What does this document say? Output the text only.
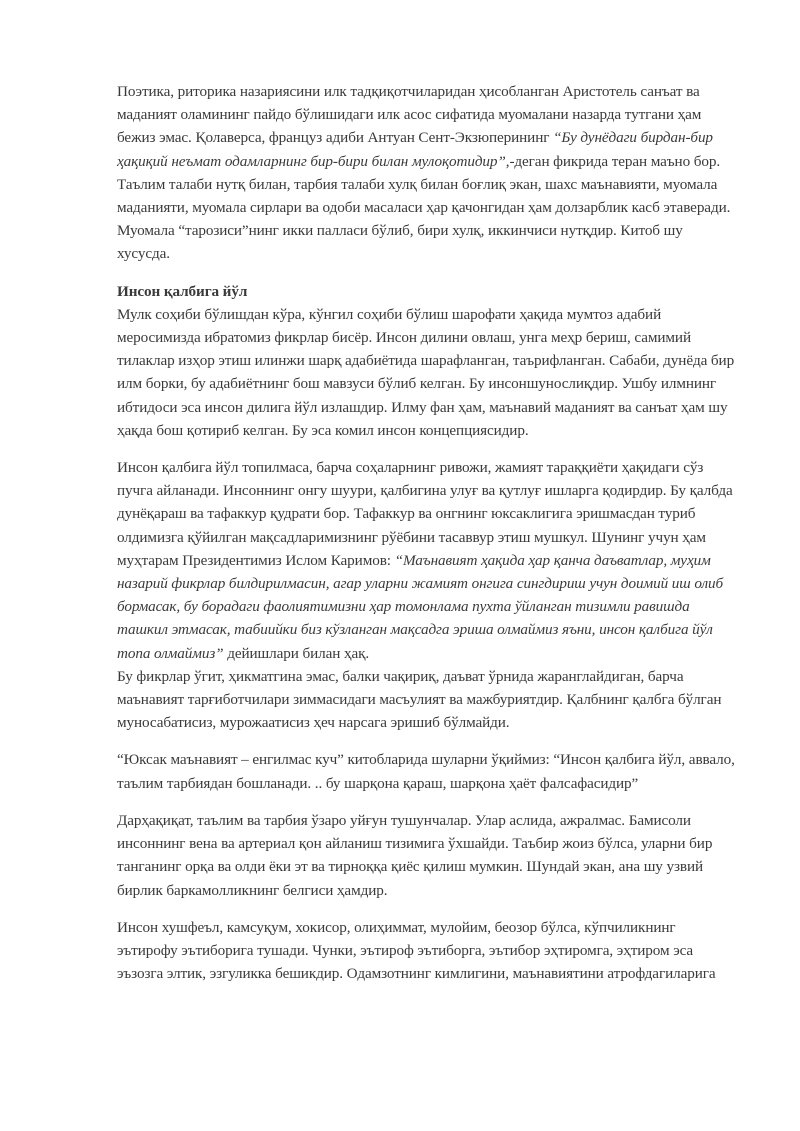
Поэтика, риторика назариясини илк тадқиқотчиларидан ҳисобланган Аристотель санъат ва маданият оламининг пайдо бўлишидаги илк асос сифатида муомалани назарда тутгани ҳам бежиз эмас. Қолаверса, француз адиби Антуан Сент-Экзюперининг “Бу дунёдаги бирдан-бир ҳақиқий неъмат одамларнинг бир-бири билан мулоқотидир”,-деган фикрида теран маъно бор. Таълим талаби нутқ билан, тарбия талаби хулқ билан боғлиқ экан, шахс маънавияти, муомала маданияти, муомала сирлари ва одоби масаласи ҳар қачонгидан ҳам долзарблик касб этаверади. Муомала “тарозиси”нинг икки палласи бўлиб, бири хулқ, иккинчиси нутқдир. Китоб шу хусусда.

Инсон қалбига йўл

Мулк соҳиби бўлишдан кўра, кўнгил соҳиби бўлиш шарофати ҳақида мумтоз адабий меросимизда ибратомиз фикрлар бисёр. Инсон дилини овлаш, унга меҳр бериш, самимий тилаклар изҳор этиш илинжи шарқ адабиётида шарафланган, таърифланган. Сабаби, дунёда бир илм борки, бу адабиётнинг бош мавзуси бўлиб келган. Бу инсоншунослиқдир. Ушбу илмнинг ибтидоси эса инсон дилига йўл излашдир. Илму фан ҳам, маънавий маданият ва санъат ҳам шу ҳақда бош қотириб келган. Бу эса комил инсон концепциясидир.

Инсон қалбига йўл топилмаса, барча соҳаларнинг ривожи, жамият тараққиёти ҳақидаги сўз пучга айланади. Инсоннинг онгу шуури, қалбигина улуғ ва қутлуғ ишларга қодирдир. Бу қалбда дунёқараш ва тафаккур қудрати бор. Тафаккур ва онгнинг юксаклигига эришмасдан туриб олдимизга қўйилган мақсадларимизнинг рўёбини тасаввур этиш мушкул. Шунинг учун ҳам муҳтарам Президентимиз Ислом Каримов: “Маънавият ҳақида ҳар қанча даъватлар, муҳим назарий фикрлар билдирилмасин, агар уларни жамият онгига сингдириш учун доимий иш олиб бормасак, бу борадаги фаолиятимизни ҳар томонлама пухта ўйланган тизимли равишда ташкил этмасак, табиийки биз кўзланган мақсадга эриша олмаймиз яъни, инсон қалбига йўл топа олмаймиз” дейишлари билан ҳақ.

Бу фикрлар ўгит, ҳикматгина эмас, балки чақириқ, даъват ўрнида жаранглайдиган, барча маънавият тарғиботчилари зиммасидаги масъулият ва мажбуриятдир. Қалбнинг қалбга бўлган муносабатисиз, мурожаатисиз ҳеч нарсага эришиб бўлмайди.

“Юксак маънавият – енгилмас куч” китобларида шуларни ўқиймиз: “Инсон қалбига йўл, аввало, таълим тарбиядан бошланади. .. бу шарқона қараш, шарқона ҳаёт фалсафасидир”

Дарҳақиқат, таълим ва тарбия ўзаро уйғун тушунчалар. Улар аслида, ажралмас. Бамисоли инсоннинг вена ва артериал қон айланиш тизимига ўхшайди. Таъбир жоиз бўлса, уларни бир тангaнинг орқа ва олди ёки эт ва тирноққа қиёс қилиш мумкин. Шундай экан, ана шу узвий бирлик баркамолликнинг белгиси ҳамдир.

Инсон хушфеъл, камсуқум, хокисор, олиҳиммат, мулойим, беозор бўлса, кўпчиликнинг эътирофу эътиборига тушади. Чунки, эътироф эътиборга, эътибор эҳтиромга, эҳтиром эса эъзозга элтик, эзгуликка бешикдир. Одамзотнинг кимлигини, маънавиятини атрофдагиларига
